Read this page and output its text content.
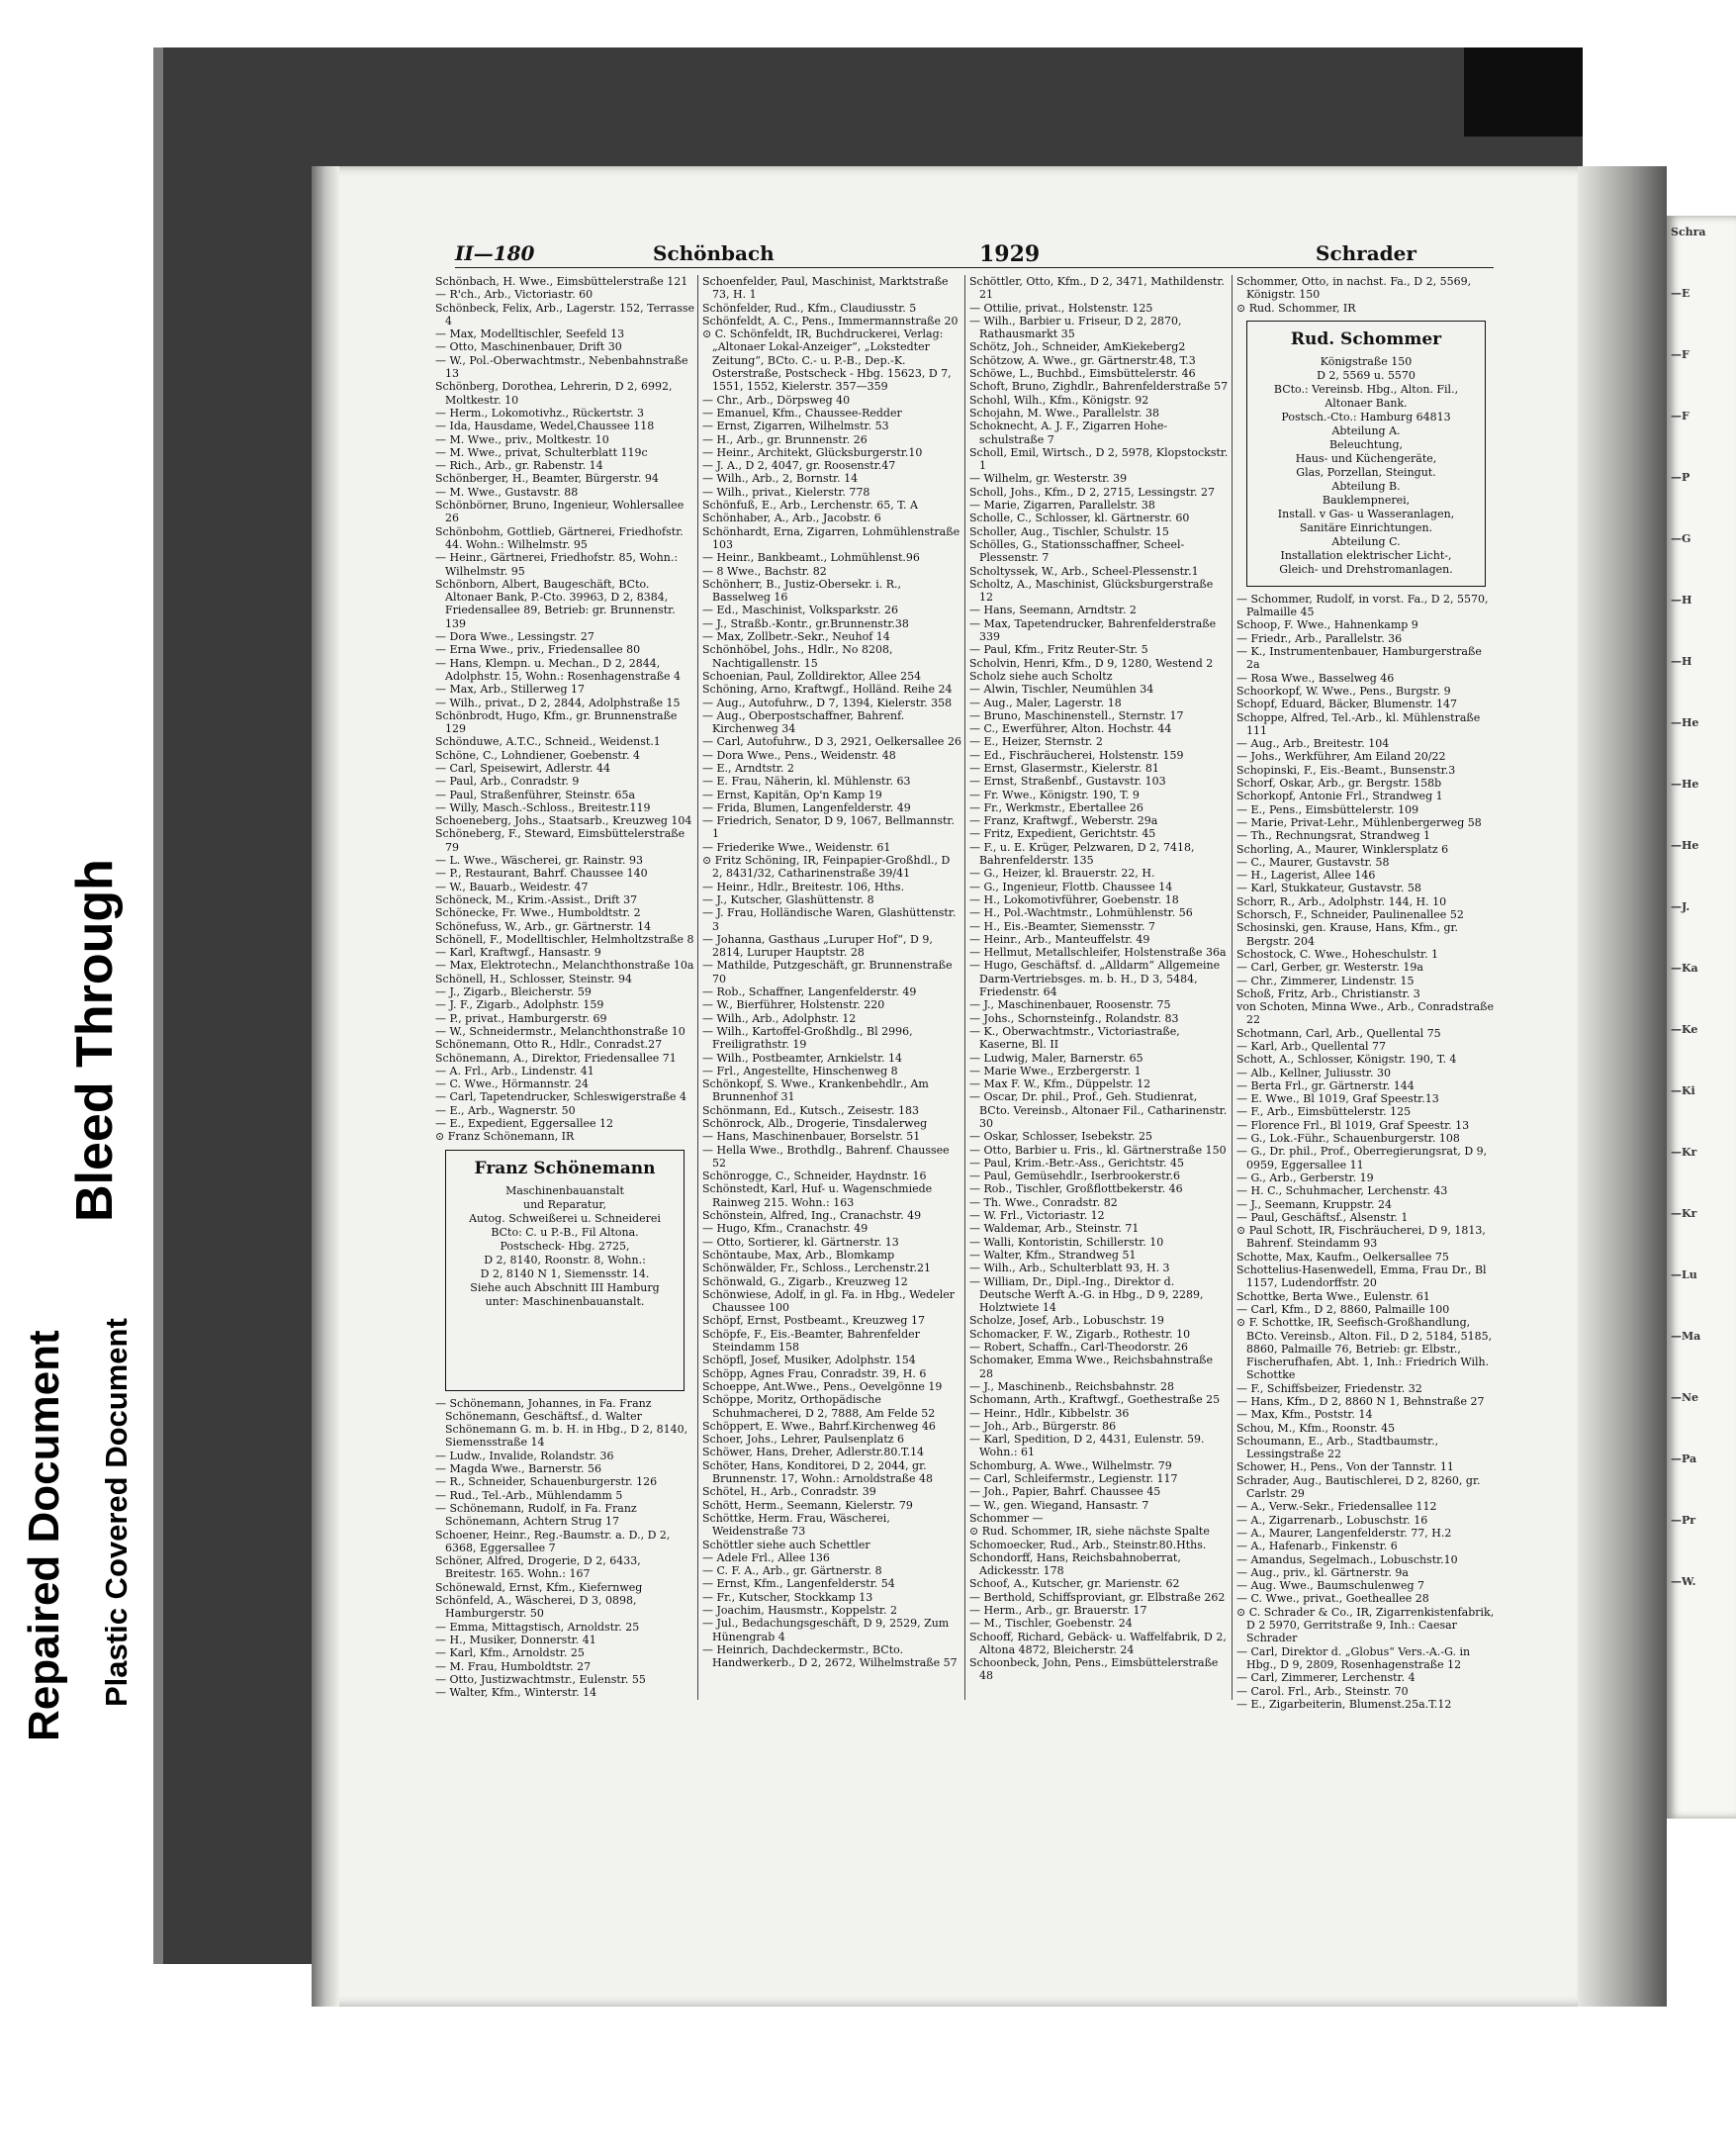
Repaired Document Plastic Covered Document
Bleed Through
Schra
—E
—F
—F
—P
—G
—H
—H
—He
—He
—He
—J.
—Ka
—Ke
—Ki
—Kr
—Kr
—Lu
—Ma
—Ne
—Pa
—Pr
—W.
II—180	Schönbach	1929	Schrader

Schönbach, H. Wwe., Eimsbüttelerstraße 121

— R'ch., Arb., Victoriastr. 60

Schönbeck, Felix, Arb., Lagerstr. 152, Terrasse 4

— Max, Modelltischler, Seefeld 13

— Otto, Maschinenbauer, Drift 30

— W., Pol.-Oberwachtmstr., Nebenbahnstraße 13

Schönberg, Dorothea, Lehrerin, D 2, 6992, Moltkestr. 10

— Herm., Lokomotivhz., Rückertstr. 3

— Ida, Hausdame, Wedel,Chaussee 118

— M. Wwe., priv., Moltkestr. 10

— M. Wwe., privat, Schulterblatt 119c

— Rich., Arb., gr. Rabenstr. 14

Schönberger, H., Beamter, Bürgerstr. 94

— M. Wwe., Gustavstr. 88

Schönbörner, Bruno, Ingenieur, Wohlersallee 26

Schönbohm, Gottlieb, Gärtnerei, Friedhofstr. 44. Wohn.: Wilhelmstr. 95

— Heinr., Gärtnerei, Friedhofstr. 85, Wohn.: Wilhelmstr. 95

Schönborn, Albert, Baugeschäft, BCto. Altonaer Bank, P.-Cto. 39963, D 2, 8384, Friedensallee 89, Betrieb: gr. Brunnenstr. 139

— Dora Wwe., Lessingstr. 27

— Erna Wwe., priv., Friedensallee 80

— Hans, Klempn. u. Mechan., D 2, 2844, Adolphstr. 15, Wohn.: Rosenhagenstraße 4

— Max, Arb., Stillerweg 17

— Wilh., privat., D 2, 2844, Adolphstraße 15

Schönbrodt, Hugo, Kfm., gr. Brunnenstraße 129

Schönduwe, A.T.C., Schneid., Weidenst.1

Schöne, C., Lohndiener, Goebenstr. 4

— Carl, Speisewirt, Adlerstr. 44

— Paul, Arb., Conradstr. 9

— Paul, Straßenführer, Steinstr. 65a

— Willy, Masch.-Schloss., Breitestr.119

Schoeneberg, Johs., Staatsarb., Kreuzweg 104

Schöneberg, F., Steward, Eimsbüttelerstraße 79

— L. Wwe., Wäscherei, gr. Rainstr. 93

— P., Restaurant, Bahrf. Chaussee 140

— W., Bauarb., Weidestr. 47

Schöneck, M., Krim.-Assist., Drift 37

Schönecke, Fr. Wwe., Humboldtstr. 2

Schönefuss, W., Arb., gr. Gärtnerstr. 14

Schönell, F., Modelltischler, Helmholtzstraße 8

— Karl, Kraftwgf., Hansastr. 9

— Max, Elektrotechn., Melanchthonstraße 10a

Schönell, H., Schlosser, Steinstr. 94

— J., Zigarb., Bleicherstr. 59

— J. F., Zigarb., Adolphstr. 159

— P., privat., Hamburgerstr. 69

— W., Schneidermstr., Melanchthonstraße 10

Schönemann, Otto R., Hdlr., Conradst.27

Schönemann, A., Direktor, Friedensallee 71

— A. Frl., Arb., Lindenstr. 41

— C. Wwe., Hörmannstr. 24

— Carl, Tapetendrucker, Schleswigerstraße 4

— E., Arb., Wagnerstr. 50

— E., Expedient, Eggersallee 12

⊙ Franz Schönemann, IR

Franz Schönemann
Maschinenbauanstalt
und Reparatur,
Autog. Schweißerei u. Schneiderei
BCto: C. u P.-B., Fil Altona.
Postscheck- Hbg. 2725,
D 2, 8140, Roonstr. 8, Wohn.:
D 2, 8140 N 1, Siemensstr. 14.
Siehe auch Abschnitt III Hamburg
unter: Maschinenbauanstalt.

— Schönemann, Johannes, in Fa. Franz Schönemann, Geschäftsf., d. Walter Schönemann G. m. b. H. in Hbg., D 2, 8140, Siemensstraße 14

— Ludw., Invalide, Rolandstr. 36

— Magda Wwe., Barnerstr. 56

— R., Schneider, Schauenburgerstr. 126

— Rud., Tel.-Arb., Mühlendamm 5

— Schönemann, Rudolf, in Fa. Franz Schönemann, Achtern Strug 17

Schoener, Heinr., Reg.-Baumstr. a. D., D 2, 6368, Eggersallee 7

Schöner, Alfred, Drogerie, D 2, 6433, Breitestr. 165. Wohn.: 167

Schönewald, Ernst, Kfm., Kiefernweg

Schönfeld, A., Wäscherei, D 3, 0898, Hamburgerstr. 50

— Emma, Mittagstisch, Arnoldstr. 25

— H., Musiker, Donnerstr. 41

— Karl, Kfm., Arnoldstr. 25

— M. Frau, Humboldtstr. 27

— Otto, Justizwachtmstr., Eulenstr. 55

— Walter, Kfm., Winterstr. 14

Schoenfelder, Paul, Maschinist, Marktstraße 73, H. 1

Schönfelder, Rud., Kfm., Claudiusstr. 5

Schönfeldt, A. C., Pens., Immermannstraße 20

⊙ C. Schönfeldt, IR, Buchdruckerei, Verlag: „Altonaer Lokal-Anzeiger“, „Lokstedter Zeitung“, BCto. C.- u. P.-B., Dep.-K. Osterstraße, Postscheck - Hbg. 15623, D 7, 1551, 1552, Kielerstr. 357—359

— Chr., Arb., Dörpsweg 40

— Emanuel, Kfm., Chaussee-Redder

— Ernst, Zigarren, Wilhelmstr. 53

— H., Arb., gr. Brunnenstr. 26

— Heinr., Architekt, Glücksburgerstr.10

— J. A., D 2, 4047, gr. Roosenstr.47

— Wilh., Arb., 2, Bornstr. 14

— Wilh., privat., Kielerstr. 778

Schönfuß, E., Arb., Lerchenstr. 65, T. A

Schönhaber, A., Arb., Jacobstr. 6

Schönhardt, Erna, Zigarren, Lohmühlenstraße 103

— Heinr., Bankbeamt., Lohmühlenst.96

— 8 Wwe., Bachstr. 82

Schönherr, B., Justiz-Obersekr. i. R., Basselweg 16

— Ed., Maschinist, Volksparkstr. 26

— J., Straßb.-Kontr., gr.Brunnenstr.38

— Max, Zollbetr.-Sekr., Neuhof 14

Schönhöbel, Johs., Hdlr., No 8208, Nachtigallenstr. 15

Schoenian, Paul, Zolldirektor, Allee 254

Schöning, Arno, Kraftwgf., Holländ. Reihe 24

— Aug., Autofuhrw., D 7, 1394, Kielerstr. 358

— Aug., Oberpostschaffner, Bahrenf. Kirchenweg 34

— Carl, Autofuhrw., D 3, 2921, Oelkersallee 26

— Dora Wwe., Pens., Weidenstr. 48

— E., Arndtstr. 2

— E. Frau, Näherin, kl. Mühlenstr. 63

— Ernst, Kapitän, Op'n Kamp 19

— Frida, Blumen, Langenfelderstr. 49

— Friedrich, Senator, D 9, 1067, Bellmannstr. 1

— Friederike Wwe., Weidenstr. 61

⊙ Fritz Schöning, IR, Feinpapier-Großhdl., D 2, 8431/32, Catharinenstraße 39/41

— Heinr., Hdlr., Breitestr. 106, Hths.

— J., Kutscher, Glashüttenstr. 8

— J. Frau, Holländische Waren, Glashüttenstr. 3

— Johanna, Gasthaus „Luruper Hof“, D 9, 2814, Luruper Hauptstr. 28

— Mathilde, Putzgeschäft, gr. Brunnenstraße 70

— Rob., Schaffner, Langenfelderstr. 49

— W., Bierführer, Holstenstr. 220

— Wilh., Arb., Adolphstr. 12

— Wilh., Kartoffel-Großhdlg., Bl 2996, Freiligrathstr. 19

— Wilh., Postbeamter, Arnkielstr. 14

— Frl., Angestellte, Hinschenweg 8

Schönkopf, S. Wwe., Krankenbehdlr., Am Brunnenhof 31

Schönmann, Ed., Kutsch., Zeisestr. 183

Schönrock, Alb., Drogerie, Tinsdalerweg

— Hans, Maschinenbauer, Borselstr. 51

— Hella Wwe., Brothdlg., Bahrenf. Chaussee 52

Schönrogge, C., Schneider, Haydnstr. 16

Schönstedt, Karl, Huf- u. Wagenschmiede Rainweg 215. Wohn.: 163

Schönstein, Alfred, Ing., Cranachstr. 49

— Hugo, Kfm., Cranachstr. 49

— Otto, Sortierer, kl. Gärtnerstr. 13

Schöntaube, Max, Arb., Blomkamp

Schönwälder, Fr., Schloss., Lerchenstr.21

Schönwald, G., Zigarb., Kreuzweg 12

Schönwiese, Adolf, in gl. Fa. in Hbg., Wedeler Chaussee 100

Schöpf, Ernst, Postbeamt., Kreuzweg 17

Schöpfe, F., Eis.-Beamter, Bahrenfelder Steindamm 158

Schöpfl, Josef, Musiker, Adolphstr. 154

Schöpp, Agnes Frau, Conradstr. 39, H. 6

Schoeppe, Ant.Wwe., Pens., Oevelgönne 19

Schöppe, Moritz, Orthopädische Schuhmacherei, D 2, 7888, Am Felde 52

Schöppert, E. Wwe., Bahrf.Kirchenweg 46

Schoer, Johs., Lehrer, Paulsenplatz 6

Schöwer, Hans, Dreher, Adlerstr.80.T.14

Schöter, Hans, Konditorei, D 2, 2044, gr. Brunnenstr. 17, Wohn.: Arnoldstraße 48

Schötel, H., Arb., Conradstr. 39

Schött, Herm., Seemann, Kielerstr. 79

Schöttke, Herm. Frau, Wäscherei, Weidenstraße 73

Schöttler siehe auch Schettler

— Adele Frl., Allee 136

— C. F. A., Arb., gr. Gärtnerstr. 8

— Ernst, Kfm., Langenfelderstr. 54

— Fr., Kutscher, Stockkamp 13

— Joachim, Hausmstr., Koppelstr. 2

— Jul., Bedachungsgeschäft, D 9, 2529, Zum Hünengrab 4

— Heinrich, Dachdeckermstr., BCto. Handwerkerb., D 2, 2672, Wilhelmstraße 57

Schöttler, Otto, Kfm., D 2, 3471, Mathildenstr. 21

— Ottilie, privat., Holstenstr. 125

— Wilh., Barbier u. Friseur, D 2, 2870, Rathausmarkt 35

Schötz, Joh., Schneider, AmKiekeberg2

Schötzow, A. Wwe., gr. Gärtnerstr.48, T.3

Schöwe, L., Buchbd., Eimsbüttelerstr. 46

Schoft, Bruno, Zighdlr., Bahrenfelderstraße 57

Schohl, Wilh., Kfm., Königstr. 92

Schojahn, M. Wwe., Parallelstr. 38

Schoknecht, A. J. F., Zigarren Hohe-schulstraße 7

Scholl, Emil, Wirtsch., D 2, 5978, Klopstockstr. 1

— Wilhelm, gr. Westerstr. 39

Scholl, Johs., Kfm., D 2, 2715, Lessingstr. 27

— Marie, Zigarren, Parallelstr. 38

Scholle, C., Schlosser, kl. Gärtnerstr. 60

Scholler, Aug., Tischler, Schulstr. 15

Schölles, G., Stationsschaffner, Scheel-Plessenstr. 7

Scholtyssek, W., Arb., Scheel-Plessenstr.1

Scholtz, A., Maschinist, Glücksburgerstraße 12

— Hans, Seemann, Arndtstr. 2

— Max, Tapetendrucker, Bahrenfelderstraße 339

— Paul, Kfm., Fritz Reuter-Str. 5

Scholvin, Henri, Kfm., D 9, 1280, Westend 2

Scholz siehe auch Scholtz

— Alwin, Tischler, Neumühlen 34

— Aug., Maler, Lagerstr. 18

— Bruno, Maschinenstell., Sternstr. 17

— C., Ewerführer, Alton. Hochstr. 44

— E., Heizer, Sternstr. 2

— Ed., Fischräucherei, Holstenstr. 159

— Ernst, Glasermstr., Kielerstr. 81

— Ernst, Straßenbf., Gustavstr. 103

— Fr. Wwe., Königstr. 190, T. 9

— Fr., Werkmstr., Ebertallee 26

— Franz, Kraftwgf., Weberstr. 29a

— Fritz, Expedient, Gerichtstr. 45

— F., u. E. Krüger, Pelzwaren, D 2, 7418, Bahrenfelderstr. 135

— G., Heizer, kl. Brauerstr. 22, H.

— G., Ingenieur, Flottb. Chaussee 14

— H., Lokomotivführer, Goebenstr. 18

— H., Pol.-Wachtmstr., Lohmühlenstr. 56

— H., Eis.-Beamter, Siemensstr. 7

— Heinr., Arb., Manteuffelstr. 49

— Hellmut, Metallschleifer, Holstenstraße 36a

— Hugo, Geschäftsf. d. „Alldarm“ Allgemeine Darm-Vertriebsges. m. b. H., D 3, 5484, Friedenstr. 64

— J., Maschinenbauer, Roosenstr. 75

— Johs., Schornsteinfg., Rolandstr. 83

— K., Oberwachtmstr., Victoriastraße, Kaserne, Bl. II

— Ludwig, Maler, Barnerstr. 65

— Marie Wwe., Erzbergerstr. 1

— Max F. W., Kfm., Düppelstr. 12

— Oscar, Dr. phil., Prof., Geh. Studienrat, BCto. Vereinsb., Altonaer Fil., Catharinenstr. 30

— Oskar, Schlosser, Isebekstr. 25

— Otto, Barbier u. Fris., kl. Gärtnerstraße 150

— Paul, Krim.-Betr.-Ass., Gerichtstr. 45

— Paul, Gemüsehdlr., Iserbrookerstr.6

— Rob., Tischler, Großflottbekerstr. 46

— Th. Wwe., Conradstr. 82

— W. Frl., Victoriastr. 12

— Waldemar, Arb., Steinstr. 71

— Walli, Kontoristin, Schillerstr. 10

— Walter, Kfm., Strandweg 51

— Wilh., Arb., Schulterblatt 93, H. 3

— William, Dr., Dipl.-Ing., Direktor d. Deutsche Werft A.-G. in Hbg., D 9, 2289, Holztwiete 14

Scholze, Josef, Arb., Lobuschstr. 19

Schomacker, F. W., Zigarb., Rothestr. 10

— Robert, Schaffn., Carl-Theodorstr. 26

Schomaker, Emma Wwe., Reichsbahnstraße 28

— J., Maschinenb., Reichsbahnstr. 28

Schomann, Arth., Kraftwgf., Goethestraße 25

— Heinr., Hdlr., Kibbelstr. 36

— Joh., Arb., Bürgerstr. 86

— Karl, Spedition, D 2, 4431, Eulenstr. 59. Wohn.: 61

Schomburg, A. Wwe., Wilhelmstr. 79

— Carl, Schleifermstr., Legienstr. 117

— Joh., Papier, Bahrf. Chaussee 45

— W., gen. Wiegand, Hansastr. 7

Schommer —

⊙ Rud. Schommer, IR, siehe nächste Spalte

Schomoecker, Rud., Arb., Steinstr.80.Hths.

Schondorff, Hans, Reichsbahnoberrat, Adickesstr. 178

Schoof, A., Kutscher, gr. Marienstr. 62

— Berthold, Schiffsproviant, gr. Elbstraße 262

— Herm., Arb., gr. Brauerstr. 17

— M., Tischler, Goebenstr. 24

Schooff, Richard, Gebäck- u. Waffelfabrik, D 2, Altona 4872, Bleicherstr. 24

Schoonbeck, John, Pens., Eimsbüttelerstraße 48

Schommer, Otto, in nachst. Fa., D 2, 5569, Königstr. 150

⊙ Rud. Schommer, IR

Rud. Schommer
Königstraße 150
D 2, 5569 u. 5570
BCto.: Vereinsb. Hbg., Alton. Fil.,
Altonaer Bank.
Postsch.-Cto.: Hamburg 64813
Abteilung A.
Beleuchtung,
Haus- und Küchengeräte,
Glas, Porzellan, Steingut.
Abteilung B.
Bauklempnerei,
Install. v Gas- u Wasseranlagen,
Sanitäre Einrichtungen.
Abteilung C.
Installation elektrischer Licht-,
Gleich- und Drehstromanlagen.

— Schommer, Rudolf, in vorst. Fa., D 2, 5570, Palmaille 45

Schoop, F. Wwe., Hahnenkamp 9

— Friedr., Arb., Parallelstr. 36

— K., Instrumentenbauer, Hamburgerstraße 2a

— Rosa Wwe., Basselweg 46

Schoorkopf, W. Wwe., Pens., Burgstr. 9

Schopf, Eduard, Bäcker, Blumenstr. 147

Schoppe, Alfred, Tel.-Arb., kl. Mühlenstraße 111

— Aug., Arb., Breitestr. 104

— Johs., Werkführer, Am Eiland 20/22

Schopinski, F., Eis.-Beamt., Bunsenstr.3

Schorf, Oskar, Arb., gr. Bergstr. 158b

Schorkopf, Antonie Frl., Strandweg 1

— E., Pens., Eimsbüttelerstr. 109

— Marie, Privat-Lehr., Mühlenbergerweg 58

— Th., Rechnungsrat, Strandweg 1

Schorling, A., Maurer, Winklersplatz 6

— C., Maurer, Gustavstr. 58

— H., Lagerist, Allee 146

— Karl, Stukkateur, Gustavstr. 58

Schorr, R., Arb., Adolphstr. 144, H. 10

Schorsch, F., Schneider, Paulinenallee 52

Schosinski, gen. Krause, Hans, Kfm., gr. Bergstr. 204

Schostock, C. Wwe., Hoheschulstr. 1

— Carl, Gerber, gr. Westerstr. 19a

— Chr., Zimmerer, Lindenstr. 15

Schoß, Fritz, Arb., Christianstr. 3

von Schoten, Minna Wwe., Arb., Conradstraße 22

Schotmann, Carl, Arb., Quellental 75

— Karl, Arb., Quellental 77

Schott, A., Schlosser, Königstr. 190, T. 4

— Alb., Kellner, Juliusstr. 30

— Berta Frl., gr. Gärtnerstr. 144

— E. Wwe., Bl 1019, Graf Speestr.13

— F., Arb., Eimsbüttelerstr. 125

— Florence Frl., Bl 1019, Graf Speestr. 13

— G., Lok.-Führ., Schauenburgerstr. 108

— G., Dr. phil., Prof., Oberregierungsrat, D 9, 0959, Eggersallee 11

— G., Arb., Gerberstr. 19

— H. C., Schuhmacher, Lerchenstr. 43

— J., Seemann, Kruppstr. 24

— Paul, Geschäftsf., Alsenstr. 1

⊙ Paul Schott, IR, Fischräucherei, D 9, 1813, Bahrenf. Steindamm 93

Schotte, Max, Kaufm., Oelkersallee 75

Schottelius-Hasenwedell, Emma, Frau Dr., Bl 1157, Ludendorffstr. 20

Schottke, Berta Wwe., Eulenstr. 61

— Carl, Kfm., D 2, 8860, Palmaille 100

⊙ F. Schottke, IR, Seefisch-Großhandlung, BCto. Vereinsb., Alton. Fil., D 2, 5184, 5185, 8860, Palmaille 76, Betrieb: gr. Elbstr., Fischerufhafen, Abt. 1, Inh.: Friedrich Wilh. Schottke

— F., Schiffsbeizer, Friedenstr. 32

— Hans, Kfm., D 2, 8860 N 1, Behnstraße 27

— Max, Kfm., Poststr. 14

Schou, M., Kfm., Roonstr. 45

Schoumann, E., Arb., Stadtbaumstr., Lessingstraße 22

Schower, H., Pens., Von der Tannstr. 11

Schrader, Aug., Bautischlerei, D 2, 8260, gr. Carlstr. 29

— A., Verw.-Sekr., Friedensallee 112

— A., Zigarrenarb., Lobuschstr. 16

— A., Maurer, Langenfelderstr. 77, H.2

— A., Hafenarb., Finkenstr. 6

— Amandus, Segelmach., Lobuschstr.10

— Aug., priv., kl. Gärtnerstr. 9a

— Aug. Wwe., Baumschulenweg 7

— C. Wwe., privat., Goetheallee 28

⊙ C. Schrader & Co., IR, Zigarrenkistenfabrik, D 2 5970, Gerritstraße 9, Inh.: Caesar Schrader

— Carl, Direktor d. „Globus“ Vers.-A.-G. in Hbg., D 9, 2809, Rosenhagenstraße 12

— Carl, Zimmerer, Lerchenstr. 4

— Carol. Frl., Arb., Steinstr. 70

— E., Zigarbeiterin, Blumenst.25a.T.12
